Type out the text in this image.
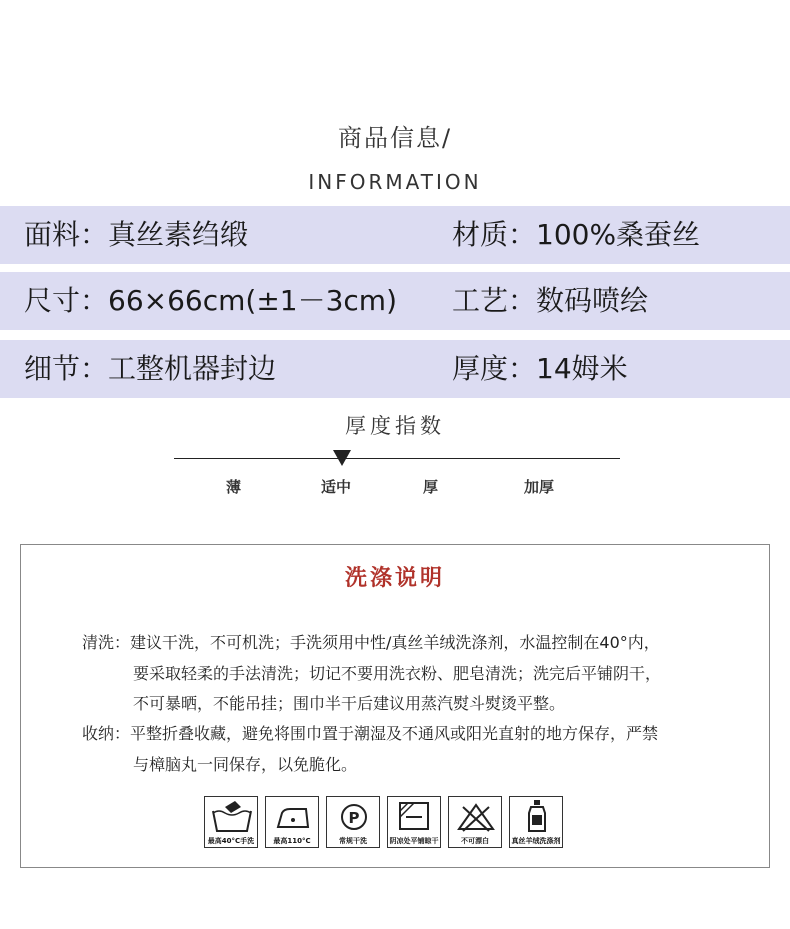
商品信息/
INFORMATION
面料：真丝素绉缎	材质：100%桑蚕丝
尺寸：66×66cm(±1－3cm) 工艺：数码喷绘
细节：工整机器封边	厚度：14姆米
厚度指数
薄	适中	厚	加厚
洗涤说明
清洗：建议干洗，不可机洗；手洗须用中性/真丝羊绒洗涤剂，水温控制在40°内，
要采取轻柔的手法清洗；切记不要用洗衣粉、肥皂清洗；洗完后平铺阴干，
不可暴晒，不能吊挂；围巾半干后建议用蒸汽熨斗熨烫平整。
收纳：平整折叠收藏，避免将围巾置于潮湿及不通风或阳光直射的地方保存，严禁
与樟脑丸一同保存，以免脆化。
最高40°C手洗	最高110°C
P
常规干洗	阴凉处平铺晾干	不可漂白	真丝羊绒洗涤剂
